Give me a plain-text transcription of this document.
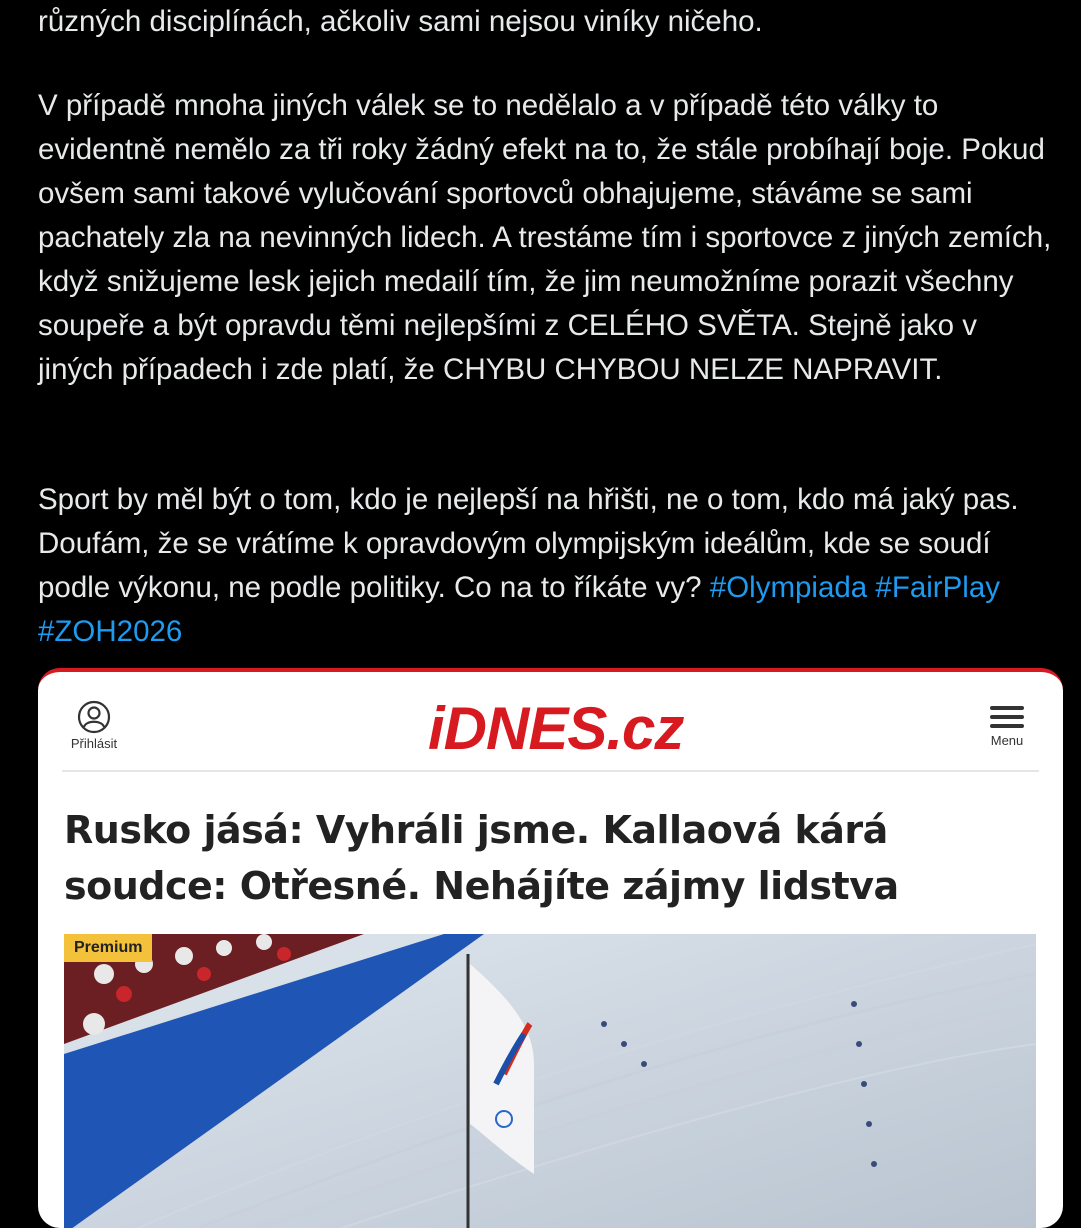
různých disciplínách, ačkoliv sami nejsou viníky ničeho.

V případě mnoha jiných válek se to nedělalo a v případě této války to evidentně nemělo za tři roky žádný efekt na to, že stále probíhají boje. Pokud ovšem sami takové vylučování sportovců obhajujeme, stáváme se sami pachately zla na nevinných lidech. A trestáme tím i sportovce z jiných zemích, když snižujeme lesk jejich medailí tím, že jim neumožníme porazit všechny soupeře a být opravdu těmi nejlepšími z CELÉHO SVĚTA. Stejně jako v jiných případech i zde platí, že CHYBU CHYBOU NELZE NAPRAVIT.

Sport by měl být o tom, kdo je nejlepší na hřišti, ne o tom, kdo má jaký pas. Doufám, že se vrátíme k opravdovým olympijským ideálům, kde se soudí podle výkonu, ne podle politiky. Co na to říkáte vy? #Olympiada #FairPlay #ZOH2026

Přihlásit	iDNES.cz	Menu
Rusko jásá: Vyhráli jsme. Kallaová kárá soudce: Otřesné. Nehájíte zájmy lidstva
Premium
